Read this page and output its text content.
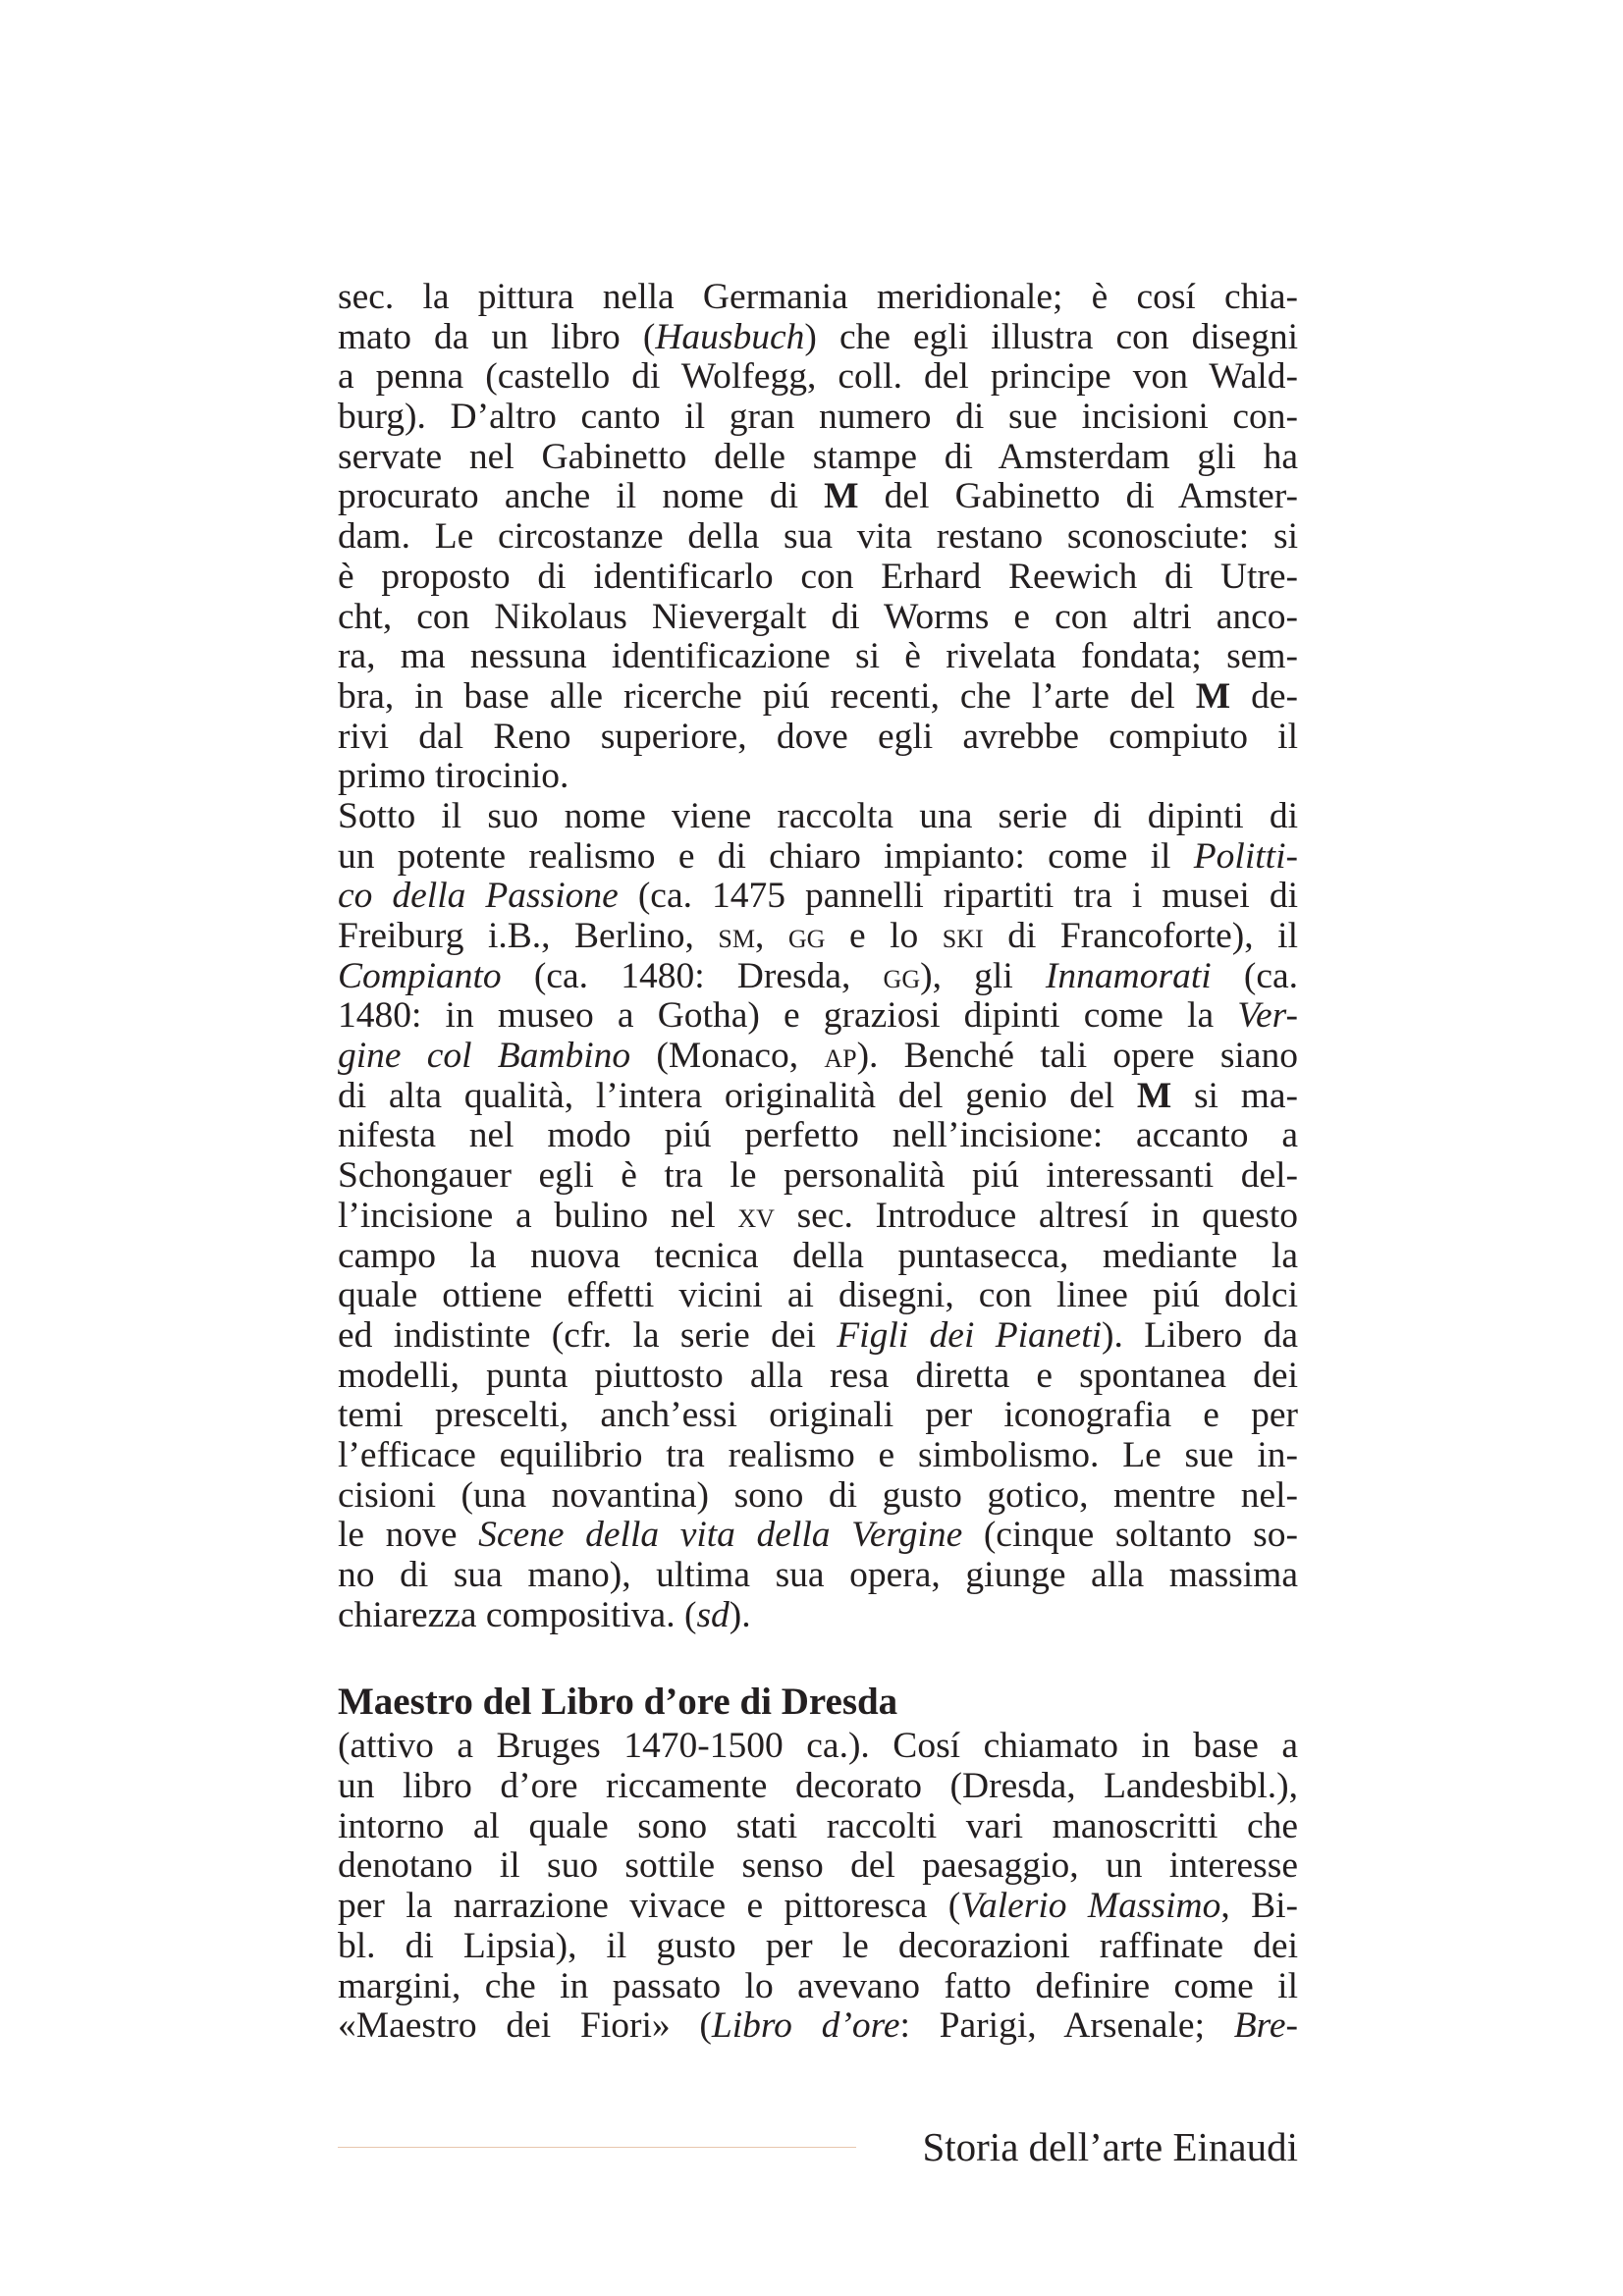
sec. la pittura nella Germania meridionale; è cosí chia-
mato da un libro (Hausbuch) che egli illustra con disegni
a penna (castello di Wolfegg, coll. del principe von Wald-
burg). D’altro canto il gran numero di sue incisioni con-
servate nel Gabinetto delle stampe di Amsterdam gli ha
procurato anche il nome di M del Gabinetto di Amster-
dam. Le circostanze della sua vita restano sconosciute: si
è proposto di identificarlo con Erhard Reewich di Utre-
cht, con Nikolaus Nievergalt di Worms e con altri anco-
ra, ma nessuna identificazione si è rivelata fondata; sem-
bra, in base alle ricerche piú recenti, che l’arte del M de-
rivi dal Reno superiore, dove egli avrebbe compiuto il
primo tirocinio.
Sotto il suo nome viene raccolta una serie di dipinti di
un potente realismo e di chiaro impianto: come il Politti-
co della Passione (ca. 1475 pannelli ripartiti tra i musei di
Freiburg i.B., Berlino, sm, gg e lo ski di Francoforte), il
Compianto (ca. 1480: Dresda, gg), gli Innamorati (ca.
1480: in museo a Gotha) e graziosi dipinti come la Ver-
gine col Bambino (Monaco, ap). Benché tali opere siano
di alta qualità, l’intera originalità del genio del M si ma-
nifesta nel modo piú perfetto nell’incisione: accanto a
Schongauer egli è tra le personalità piú interessanti del-
l’incisione a bulino nel xv sec. Introduce altresí in questo
campo la nuova tecnica della puntasecca, mediante la
quale ottiene effetti vicini ai disegni, con linee piú dolci
ed indistinte (cfr. la serie dei Figli dei Pianeti). Libero da
modelli, punta piuttosto alla resa diretta e spontanea dei
temi prescelti, anch’essi originali per iconografia e per
l’efficace equilibrio tra realismo e simbolismo. Le sue in-
cisioni (una novantina) sono di gusto gotico, mentre nel-
le nove Scene della vita della Vergine (cinque soltanto so-
no di sua mano), ultima sua opera, giunge alla massima
chiarezza compositiva. (sd).
Maestro del Libro d’ore di Dresda
(attivo a Bruges 1470-1500 ca.). Cosí chiamato in base a
un libro d’ore riccamente decorato (Dresda, Landesbibl.),
intorno al quale sono stati raccolti vari manoscritti che
denotano il suo sottile senso del paesaggio, un interesse
per la narrazione vivace e pittoresca (Valerio Massimo, Bi-
bl. di Lipsia), il gusto per le decorazioni raffinate dei
margini, che in passato lo avevano fatto definire come il
«Maestro dei Fiori» (Libro d’ore: Parigi, Arsenale; Bre-
Storia dell’arte Einaudi
